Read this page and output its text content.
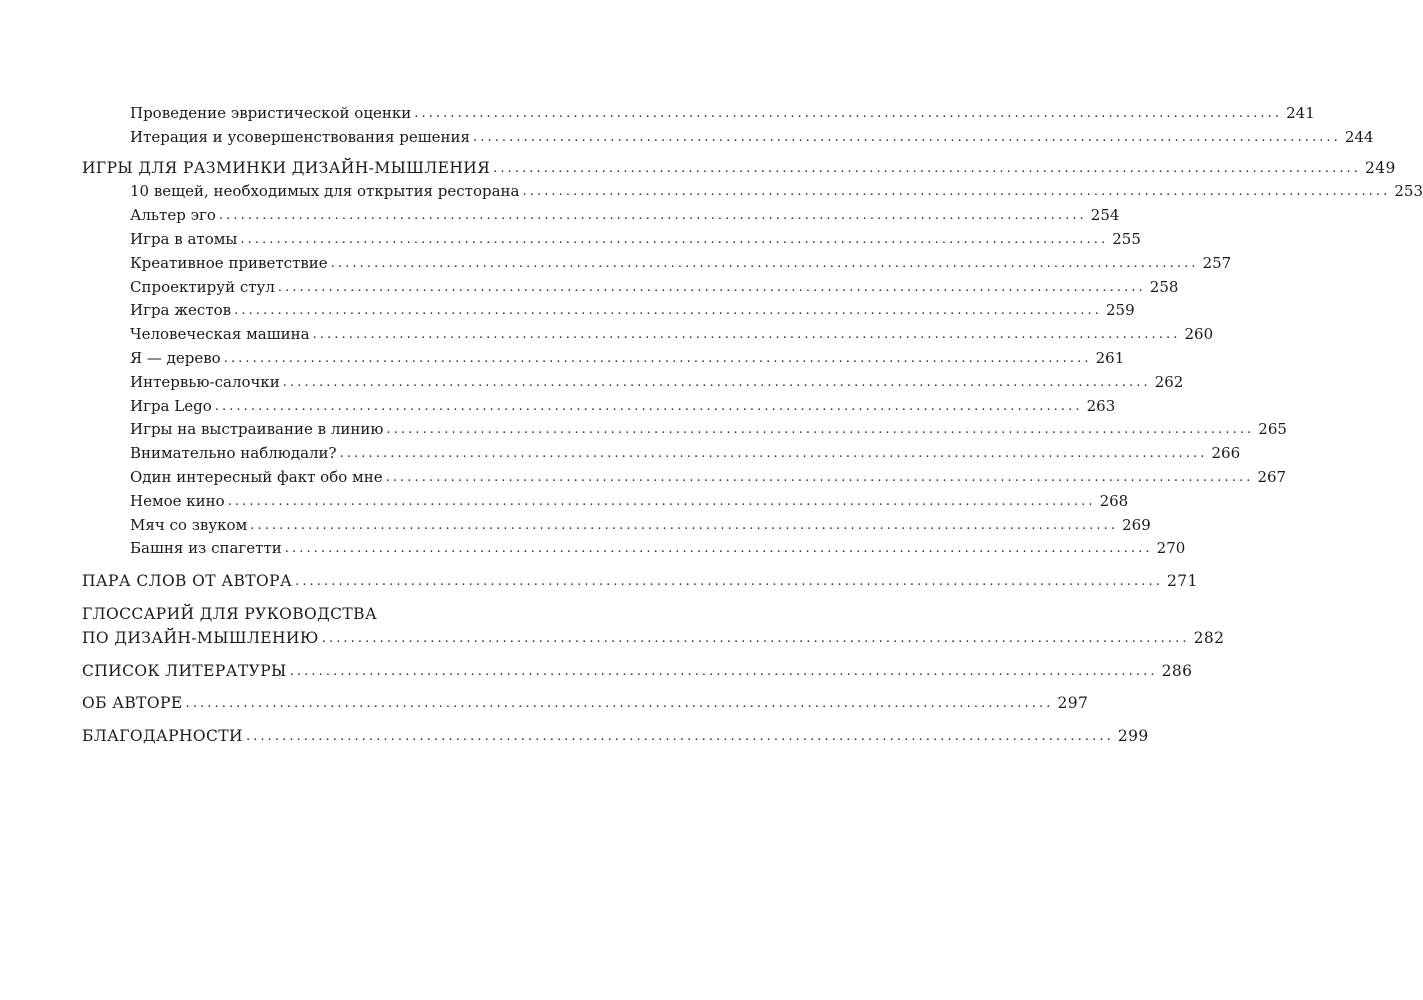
Проведение эвристической оценки ........................................................................................................................ 241
Итерация и усовершенствования решения ........................................................................................................................ 244
ИГРЫ ДЛЯ РАЗМИНКИ ДИЗАЙН-МЫШЛЕНИЯ ........................................................................................................................ 249
10 вещей, необходимых для открытия ресторана ........................................................................................................................ 253
Альтер эго ........................................................................................................................ 254
Игра в атомы ........................................................................................................................ 255
Креативное приветствие ........................................................................................................................ 257
Спроектируй стул ........................................................................................................................ 258
Игра жестов ........................................................................................................................ 259
Человеческая машина ........................................................................................................................ 260
Я — дерево ........................................................................................................................ 261
Интервью-салочки ........................................................................................................................ 262
Игра Lego ........................................................................................................................ 263
Игры на выстраивание в линию ........................................................................................................................ 265
Внимательно наблюдали? ........................................................................................................................ 266
Один интересный факт обо мне ........................................................................................................................ 267
Немое кино ........................................................................................................................ 268
Мяч со звуком ........................................................................................................................ 269
Башня из спагетти ........................................................................................................................ 270
ПАРА СЛОВ ОТ АВТОРА ........................................................................................................................ 271
ГЛОССАРИЙ ДЛЯ РУКОВОДСТВА
ПО ДИЗАЙН-МЫШЛЕНИЮ ........................................................................................................................ 282
СПИСОК ЛИТЕРАТУРЫ ........................................................................................................................ 286
ОБ АВТОРЕ ........................................................................................................................ 297
БЛАГОДАРНОСТИ ........................................................................................................................ 299
